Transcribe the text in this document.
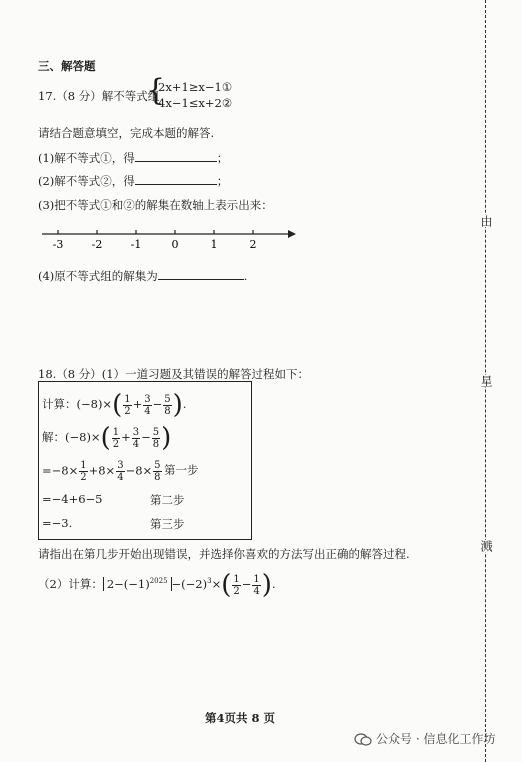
三、解答题
17.（8 分）解不等式组
{
2x+1≥x−1①
4x−1≤x+2②
请结合题意填空，完成本题的解答.
(1)解不等式①，得	；
(2)解不等式②，得	；
(3)把不等式①和②的解集在数轴上表示出来：
-3	-2	-1	0	1	2
(4)原不等式组的解集为	.
18.（8 分）(1）一道习题及其错误的解答过程如下：
计算：$(-8)\times( \frac{1}{2} + \frac{3}{4} - \frac{5}{8}$ ).
解：$(-8)\times( \frac{1}{2} + \frac{3}{4} - \frac{5}{8}$ )
$=-8\times \frac{1}{2} +8\times \frac{3}{4} -8\times \frac{5}{8}$ 第一步
=−4+6−5	第二步
=−3.	第三步
请指出在第几步开始出现错误，并选择你喜欢的方法写出正确的解答过程.
（2）计算： $2-(-1)^{2025} -(-2)^3\times( \frac{1}{2} - \frac{1}{4}$ ).
由
星
溅
第4页共 8 页
公众号 · 信息化工作坊
